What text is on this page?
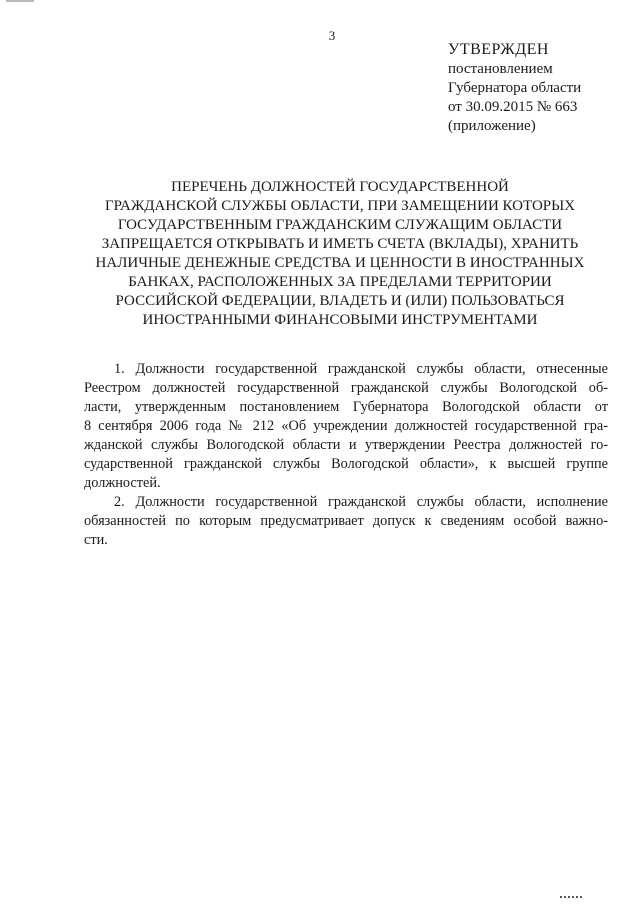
3
УТВЕРЖДЕН
постановлением
Губернатора области
от 30.09.2015 № 663
(приложение)
ПЕРЕЧЕНЬ ДОЛЖНОСТЕЙ ГОСУДАРСТВЕННОЙ
ГРАЖДАНСКОЙ СЛУЖБЫ ОБЛАСТИ, ПРИ ЗАМЕЩЕНИИ КОТОРЫХ
ГОСУДАРСТВЕННЫМ ГРАЖДАНСКИМ СЛУЖАЩИМ ОБЛАСТИ
ЗАПРЕЩАЕТСЯ ОТКРЫВАТЬ И ИМЕТЬ СЧЕТА (ВКЛАДЫ), ХРАНИТЬ
НАЛИЧНЫЕ ДЕНЕЖНЫЕ СРЕДСТВА И ЦЕННОСТИ В ИНОСТРАННЫХ
БАНКАХ, РАСПОЛОЖЕННЫХ ЗА ПРЕДЕЛАМИ ТЕРРИТОРИИ
РОССИЙСКОЙ ФЕДЕРАЦИИ, ВЛАДЕТЬ И (ИЛИ) ПОЛЬЗОВАТЬСЯ
ИНОСТРАННЫМИ ФИНАНСОВЫМИ ИНСТРУМЕНТАМИ
1. Должности государственной гражданской службы области, отнесенные
Реестром должностей государственной гражданской службы Вологодской об-
ласти, утвержденным постановлением Губернатора Вологодской области от
8 сентября 2006 года № 212 «Об учреждении должностей государственной гра-
жданской службы Вологодской области и утверждении Реестра должностей го-
сударственной гражданской службы Вологодской области», к высшей группе
должностей.
2. Должности государственной гражданской службы области, исполнение
обязанностей по которым предусматривает допуск к сведениям особой важно-
сти.
